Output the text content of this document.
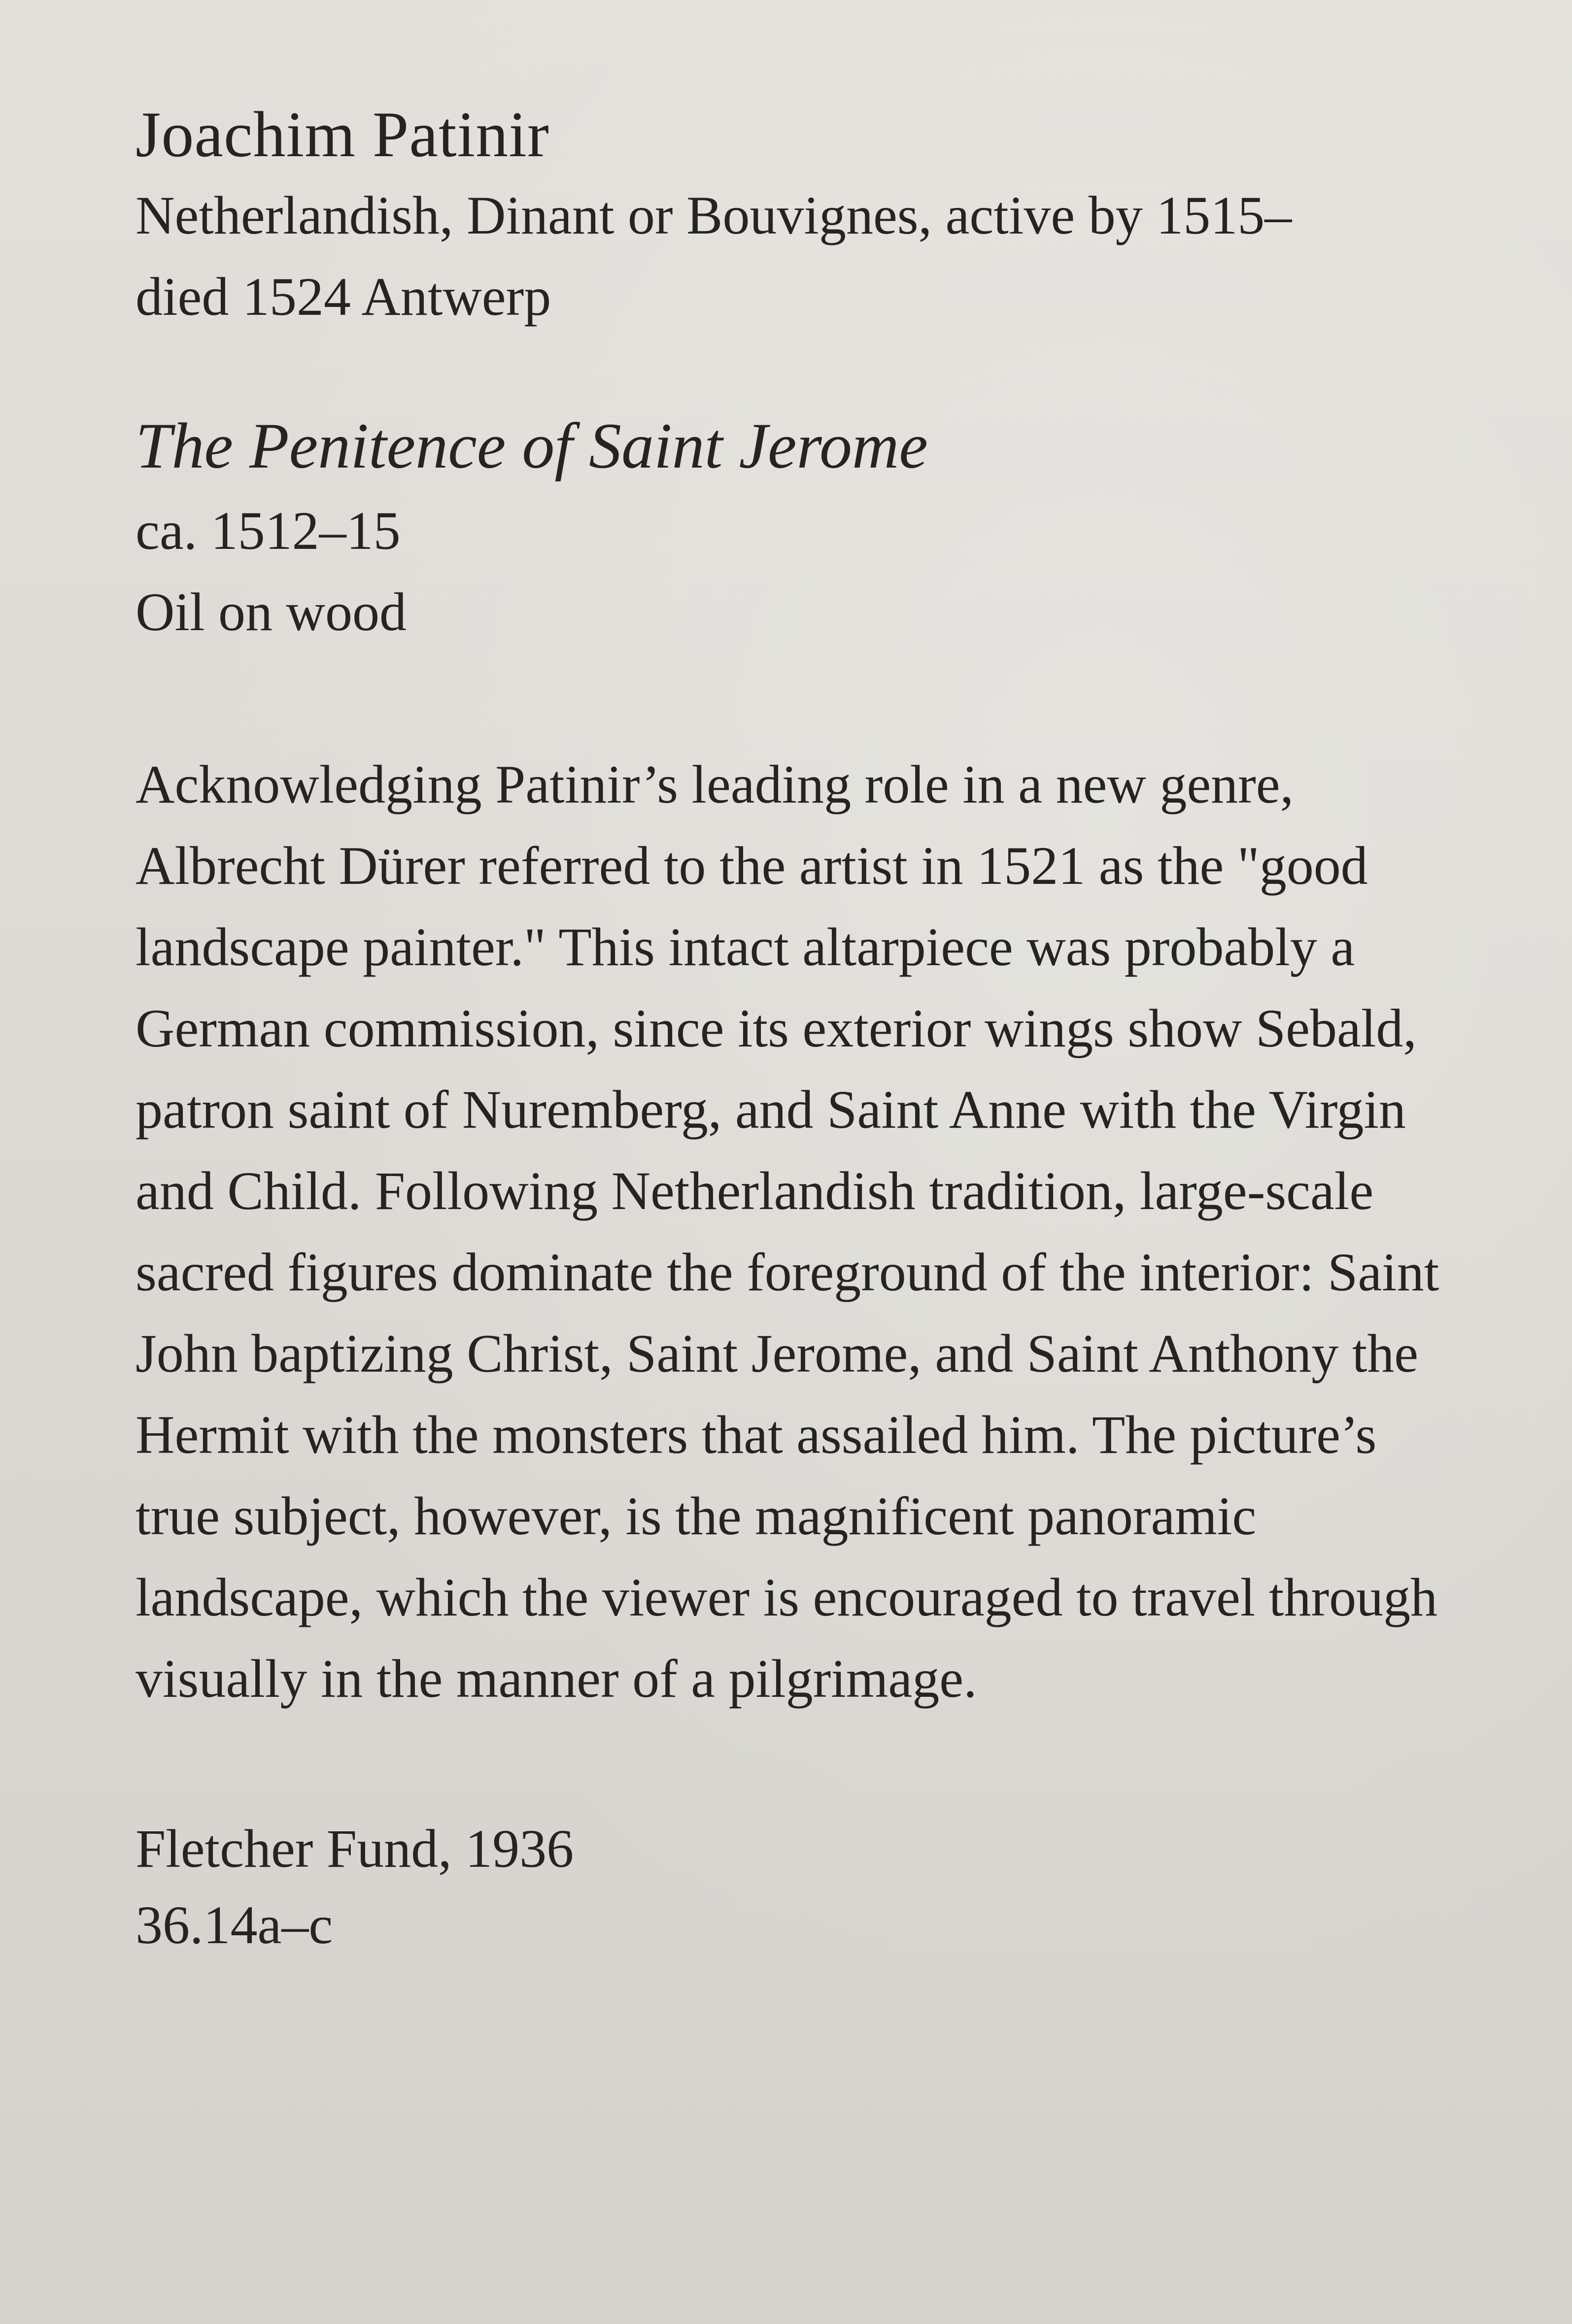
Joachim Patinir

Netherlandish, Dinant or Bouvignes, active by 1515–died 1524 Antwerp

The Penitence of Saint Jerome

ca. 1512–15

Oil on wood

Acknowledging Patinir’s leading role in a new genre, Albrecht Dürer referred to the artist in 1521 as the "good landscape painter." This intact altarpiece was probably a German commission, since its exterior wings show Sebald, patron saint of Nuremberg, and Saint Anne with the Virgin and Child. Following Netherlandish tradition, large-scale sacred figures dominate the foreground of the interior: Saint John baptizing Christ, Saint Jerome, and Saint Anthony the Hermit with the monsters that assailed him. The picture’s true subject, however, is the magnificent panoramic landscape, which the viewer is encouraged to travel through visually in the manner of a pilgrimage.

Fletcher Fund, 1936

36.14a–c
